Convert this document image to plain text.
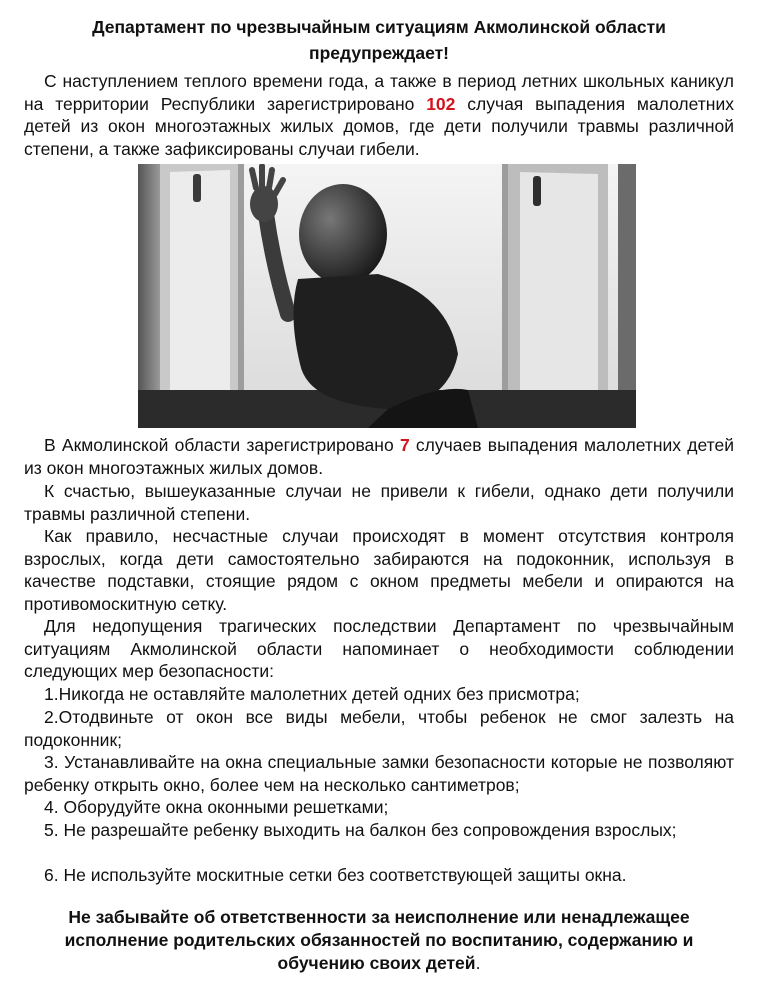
Департамент по чрезвычайным ситуациям Акмолинской области
предупреждает!

С наступлением теплого времени года, а также в период летних школьных каникул на территории Республики зарегистрировано 102 случая выпадения малолетних детей из окон многоэтажных жилых домов, где дети получили травмы различной степени, а также зафиксированы случаи гибели.

В Акмолинской области зарегистрировано 7 случаев выпадения малолетних детей из окон многоэтажных жилых домов.

К счастью, вышеуказанные случаи не привели к гибели, однако дети получили травмы различной степени.

Как правило, несчастные случаи происходят в момент отсутствия контроля взрослых, когда дети самостоятельно забираются на подоконник, используя в качестве подставки, стоящие рядом с окном предметы мебели и опираются на противомоскитную сетку.

Для недопущения трагических последствии Департамент по чрезвычайным ситуациям Акмолинской области напоминает о необходимости соблюдении следующих мер безопасности:

1.Никогда не оставляйте малолетних детей одних без присмотра;

2.Отодвиньте от окон все виды мебели, чтобы ребенок не смог залезть на подоконник;

3. Устанавливайте на окна специальные замки безопасности которые не позволяют ребенку открыть окно, более чем на несколько сантиметров;

4. Оборудуйте окна оконными решетками;

5. Не разрешайте ребенку выходить на балкон без сопровождения взрослых;

6. Не используйте москитные сетки без соответствующей защиты окна.

Не забывайте об ответственности за неисполнение или ненадлежащее исполнение родительских обязанностей по воспитанию, содержанию и обучению своих детей.
